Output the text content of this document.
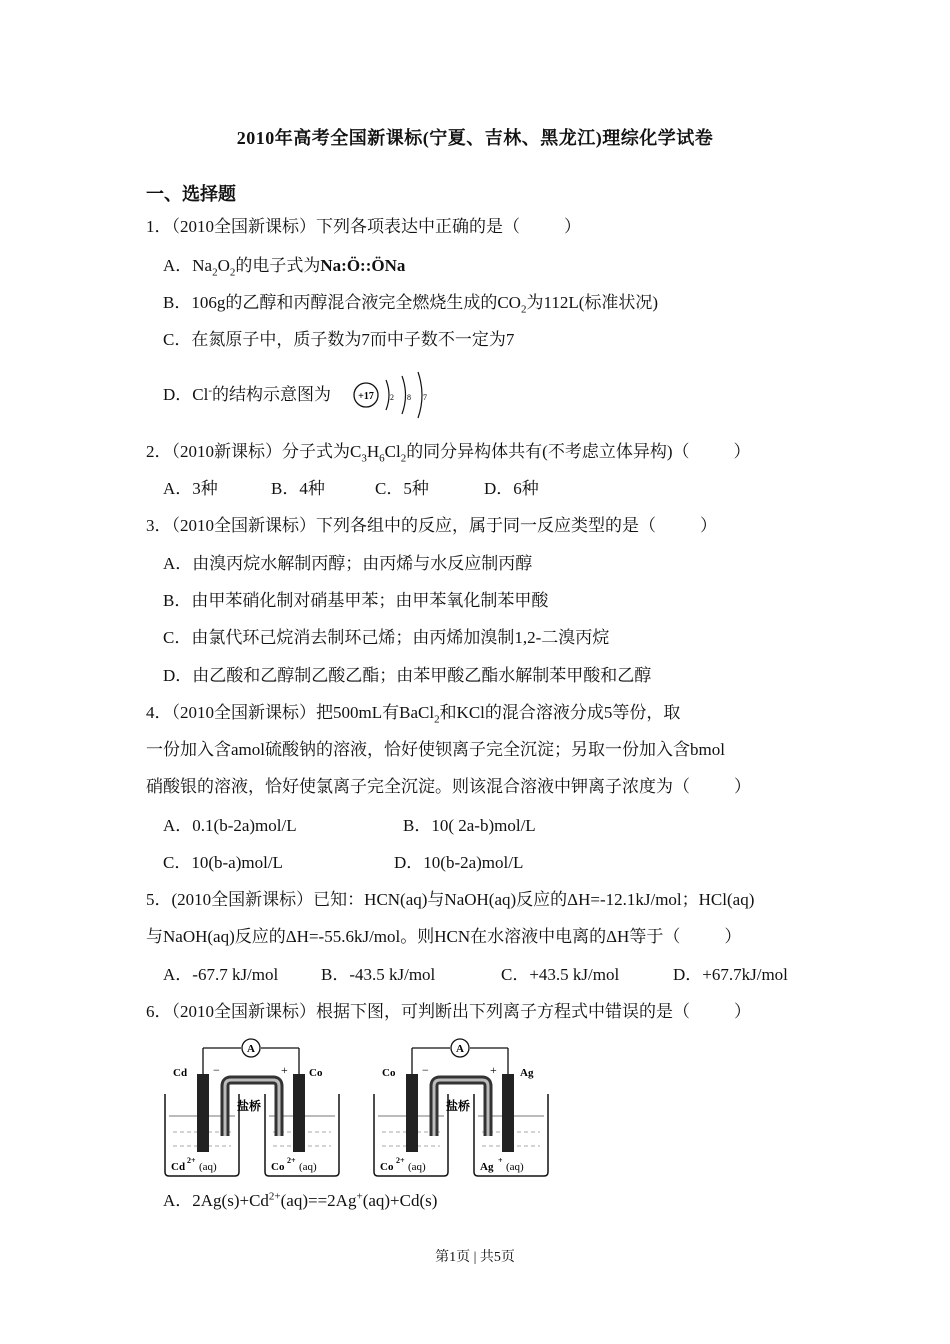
2010年高考全国新课标(宁夏、吉林、黑龙江)理综化学试卷
一、选择题
1．（2010全国新课标）下列各项表达中正确的是（	）
A．$Na_2O_2$的电子式为Na:Ö::ÖNa
B．106g的乙醇和丙醇混合液完全燃烧生成的$CO_2$为112L(标准状况)
C．在氮原子中，质子数为7而中子数不一定为7
D．Cl-的结构示意图为	+17 2 8 7
2．（2010新课标）分子式为$C_3H_6Cl_2$的同分异构体共有(不考虑立体异构)（	）
A．3种	B．4种	C．5种	D．6种
3．（2010全国新课标）下列各组中的反应，属于同一反应类型的是（	）
A．由溴丙烷水解制丙醇；由丙烯与水反应制丙醇
B．由甲苯硝化制对硝基甲苯；由甲苯氧化制苯甲酸
C．由氯代环己烷消去制环己烯；由丙烯加溴制1,2-二溴丙烷
D．由乙酸和乙醇制乙酸乙酯；由苯甲酸乙酯水解制苯甲酸和乙醇
4．（2010全国新课标）把500mL有BaCl$_2$和KCl的混合溶液分成5等份，取
一份加入含amol硫酸钠的溶液，恰好使钡离子完全沉淀；另取一份加入含bmol
硝酸银的溶液，恰好使氯离子完全沉淀。则该混合溶液中钾离子浓度为（	）
A．0.1(b-2a)mol/L	B．10( 2a-b)mol/L
C．10(b-a)mol/L	D．10(b-2a)mol/L
5．(2010全国新课标）已知：HCN(aq)与NaOH(aq)反应的ΔH=-12.1kJ/mol；HCl(aq)
与NaOH(aq)反应的ΔH=-55.6kJ/mol。则HCN在水溶液中电离的ΔH等于（	）
A．-67.7 kJ/mol	B．-43.5 kJ/mol	C．+43.5 kJ/mol	D．+67.7kJ/mol
6．（2010全国新课标）根据下图，可判断出下列离子方程式中错误的是（	）
A
Cd	Co
−	+
盐桥
Cd
2+
(aq)	Co
2+
(aq)
A
Co	Ag
−	+
盐桥
Co
2+
(aq)	Ag
+
(aq)
A．$2Ag(s)+Cd^{2+}(aq)==2Ag^+(aq)+Cd(s)$
第1页 | 共5页
